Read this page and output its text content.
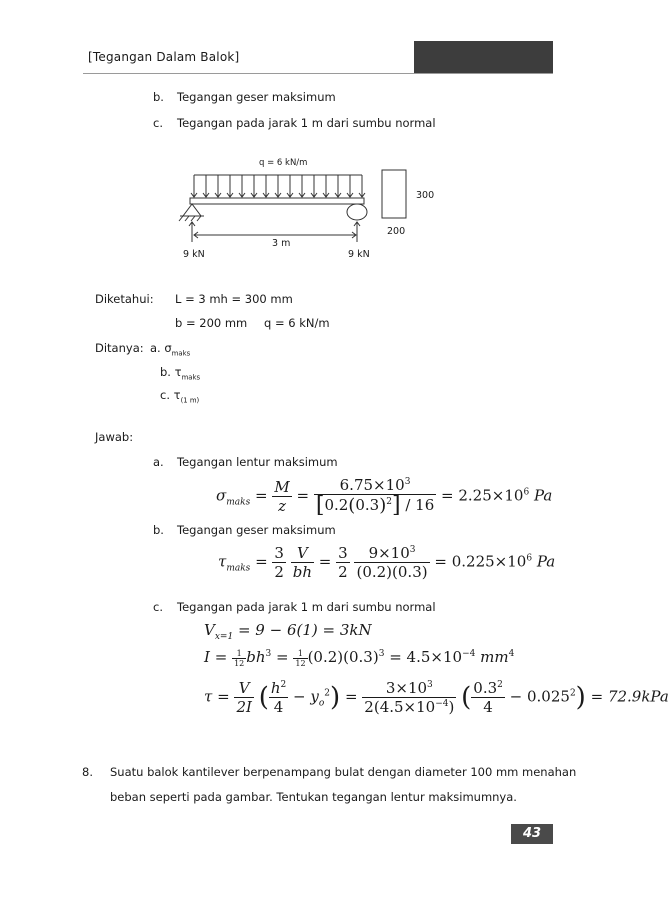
[Tegangan Dalam Balok]
b. Tegangan geser maksimum
c. Tegangan pada jarak 1 m dari sumbu normal
q = 6 kN/m
3 m
9 kN	9 kN
300
200
Diketahui: L = 3 mh = 300 mm
b = 200 mm q = 6 kN/m
Ditanya: a. $\sigma_{maks}$
b. $\tau_{maks}$
c. $\tau_{(1 m)}$
Jawab:
a. Tegangan lentur maksimum
$\sigma_{maks} = \frac{M}{z} = \frac{6.75\times 10^3}{[0.2(0.3)^2] / 16} = 2.25\times 10^6$ Pa
b. Tegangan geser maksimum
$\tau_{maks} = \frac{3}{2}$
$\frac{V}{bh} = \frac{3}{2}$
$\frac{9\times 10^3}{(0.2)(0.3)} = 0.225\times 10^6$ Pa
c. Tegangan pada jarak 1 m dari sumbu normal
$V_{x=1} = 9 - 6(1) = 3kN$
$I = \frac{1}{12} bh^3 = \frac{1}{12} (0.2)(0.3)^3 = 4.5\times 10^{-4}$ $mm^4$
$\tau = \frac{V}{2I}$ ( $\frac{h^2}{4} - y_o^2) = \frac{3\times 10^3}{2(4.5\times 10^{-4})}$ ( $\frac{0.3^2}{4} - 0.025^2) = 72.9kPa$
8. Suatu balok kantilever berpenampang bulat dengan diameter 100 mm menahan
beban seperti pada gambar. Tentukan tegangan lentur maksimumnya.
43
